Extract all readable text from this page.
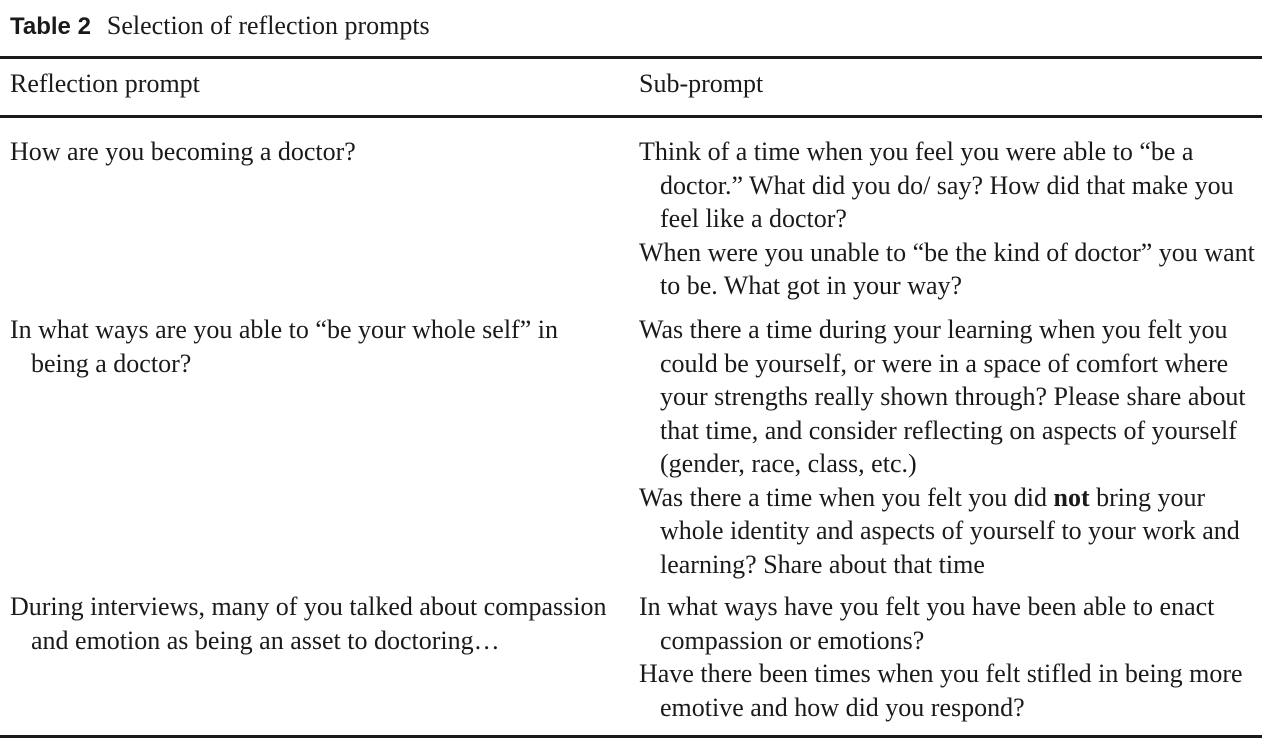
Table 2 Selection of reflection prompts
Reflection prompt	Sub-prompt

How are you becoming a doctor?	Think of a time when you feel you were able to “be a doctor.” What did you do/ say? How did that make you feel like a doctor?

When were you unable to “be the kind of doctor” you want to be. What got in your way?

In what ways are you able to “be your whole self” in being a doctor?

Was there a time during your learning when you felt you could be yourself, or were in a space of comfort where your strengths really shown through? Please share about that time, and consider reflecting on aspects of yourself (gender, race, class, etc.)

Was there a time when you felt you did not bring your whole identity and aspects of yourself to your work and learning? Share about that time

During interviews, many of you talked about compassion and emotion as being an asset to doctoring…

In what ways have you felt you have been able to enact compassion or emotions?

Have there been times when you felt stifled in being more emotive and how did you respond?
